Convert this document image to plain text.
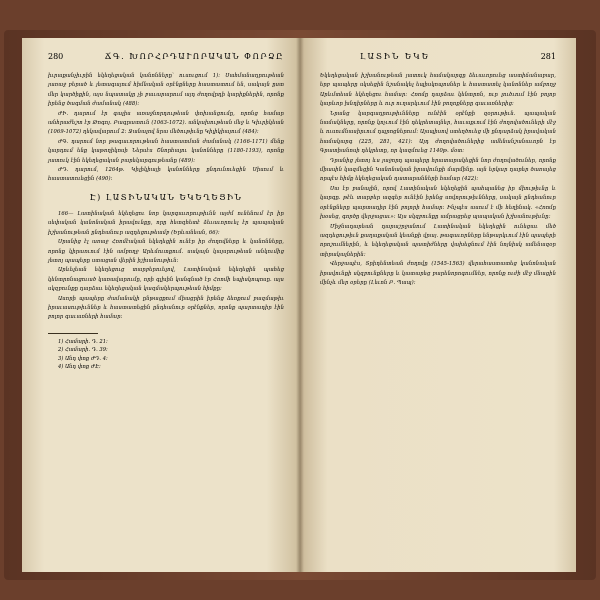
280	ՃԳ. ԽՈՐՀՐԴԱՒՈՐԱԿԱՆ ՓՈՐՁԸ

իւրաքանչիւրին եկեղեցական կանոնները՝ ուսուցում 1): Սահմանադրութեան յառաջ բերած և յետագայում հիմնական օրէնքները հաստատում են, սակայն ըստ մեր կարծիքին, այս նպատակը չի բաւարարում այդ ժողովրդի կարիքներին, որոնք իրենց ծագման ժամանակ (488)։

ԺԻ. դարում էր գալիս առաջնորդութեան փոխանցումը, որոնց համար անհրաժեշտ էր Թոգոյ. Բագրատուն (1063-1072). անկախութեան մեջ և Կիւրիկեան (1069-1072) ղեկավարում 2։ Ջանալով նրա մեծութիւնը Կիլիկիայում (484)։

ԺԳ. դարում նոր թագաւորութեան հաստատման ժամանակ (1166-1171) մենք կարդում ենք կաթողիկոսի Ներսէս Շնորհալու կանոնները (1180-1193), որոնք յատուկ էին եկեղեցական բարեկարգութեանը (489)։

ԺԴ. դարում, 1264թ. Կիլիկիայի կանոնները ընդունուեցին Սիսում և հաստատուեցին (490)։

Է) ԼԱՏԻՆԱԿԱՆ ԵԿԵՂԵՑԻՆ

166— Լատինական եկեղեցու նոր կարգաւորութիւնն այժմ ունենում էր իր սեփական կանոնական իրավունքը, որը հետզհետէ ձեւաւորուել էր պապական իշխանութեան ընդհանուր ազդեցութեամբ (Երևանեան, 66)։

Սրանից էլ առաջ Հռոմէական եկեղեցին ունէր իր ժողովները և կանոնները, որոնք կիրառւում էին ամբողջ Արևմուտքում. սակայն կայսրութեան անկումից յետոյ պապերը ստացան վերին իշխանութիւն։

Արևելեան եկեղեցուց տարբերուելով, Լատինական եկեղեցին պահեց կենտրոնացուած կառավարումը, որի գլխին կանգնած էր Հռոմի եպիսկոպոսը. այս սկզբունքը դարձաւ եկեղեցական կազմակերպութեան հիմքը։

Ասորի պապերը ժամանակի ընթացքում միացրին իրենց ձեռքում բազմաթիւ իրաւասութիւններ և հաստատեցին ընդհանուր օրէնքներ, որոնք պարտադիր էին բոլոր գաւառների համար։

1) Համարի. Դ. 21։
2) Համարի. Դ. 39։
3) Անդ փոք ԺԴ. 4։
4) Անդ փոք ԺԷ։
ԼԱՏԻՆ ԵԿԵ	281

Եկեղեցական իշխանութեան յատուկ համակարգը ձեւաւորուեց աստիճանաբար, երբ պապերը սկսեցին նշանակել եպիսկոպոսներ և հաստատել կանոններ ամբողջ Արևմտեան եկեղեցու համար։ Հռոմը դարձաւ կենտրոն, ուր լուծւում էին բոլոր կարևոր խնդիրները և ուր ուղարկւում էին բողոքները գաւառներից։

Նրանց կարգադրութիւնները ունէին օրէնքի զօրութիւն. պապական նամակները, որոնք կոչւում էին դեկրետալներ, հաւաքւում էին ժողովածուների մէջ և ուսումնասիրւում դպրոցներում։ Այսպիսով ստեղծուեց մի ընդարձակ իրավական համակարգ (225, 281, 421)։ Այդ ժողովածուներից ամենանշանաւորն էր Գրատիանոսի դեկրետը, որ կազմուեց 1140թ. մօտ։

Դրանից յետոյ ևս յաջորդ պապերը հրատարակեցին նոր ժողովածուներ, որոնք միասին կազմեցին Կանոնական իրավունքի մարմինը. այն երկար դարեր ծառայեց որպէս հիմք եկեղեցական դատարանների համար (422)։

Սա էր բանալին, որով Լատինական եկեղեցին պահպանեց իր միութիւնը և կարգը. թէև տարբեր ազգեր ունէին իրենց սովորութիւնները, սակայն ընդհանուր օրէնքները պարտադիր էին բոլորի համար։ Ինչպէս ասում է մի հեղինակ. «Հռոմը խօսեց, գործը վերջացաւ»։ Այս սկզբունքը ամրացրեց պապական իշխանութիւնը։

Միջնադարեան դարաշրջանում Լատինական եկեղեցին ունեցաւ մեծ ազդեցութիւն քաղաքական կեանքի վրայ. թագաւորները ենթարկւում էին պապերի որոշումներին, և եկեղեցական պատիժները վախեցնում էին նոյնիսկ ամենազօր տիրակալներին։

Վերջապէս, Տրիդենտեան ժողովը (1545-1563) վերահաստատեց կանոնական իրավունքի սկզբունքները և կատարեց բարենորոգումներ, որոնք ուժի մէջ մնացին մինչև մեր օրերը (Լեւոն Բ. Պապ)։
